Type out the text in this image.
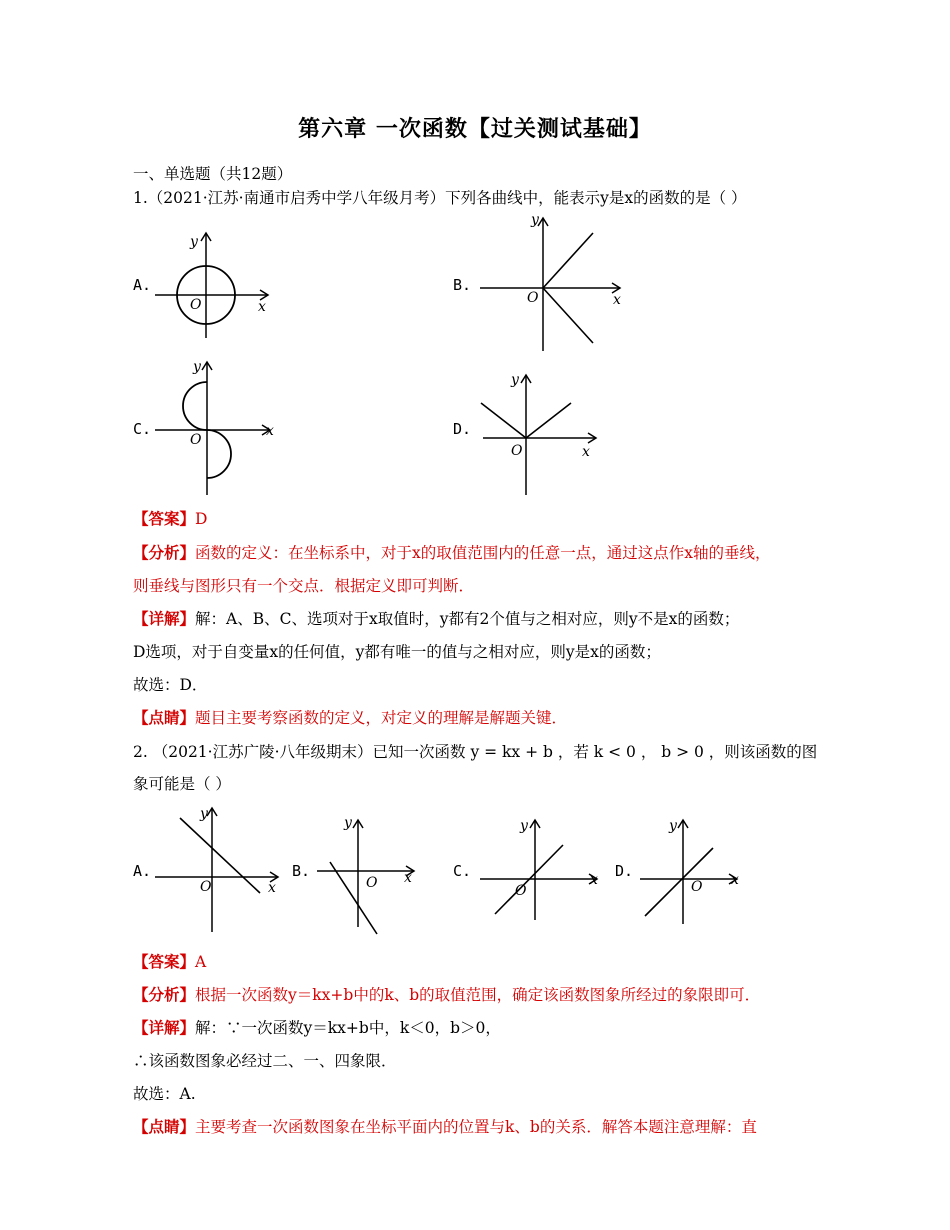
第六章 一次函数【过关测试基础】
一、单选题（共12题）
1.（2021·江苏·南通市启秀中学八年级月考）下列各曲线中，能表示y是x的函数的是（ ）
A.
y
x
O
B.
y
x
O
C.
y
x
O
D.
y
x
O
【答案】D
【分析】函数的定义：在坐标系中，对于x的取值范围内的任意一点，通过这点作x轴的垂线，
则垂线与图形只有一个交点．根据定义即可判断．
【详解】解：A、B、C、选项对于x取值时，y都有2个值与之相对应，则y不是x的函数；
D选项，对于自变量x的任何值，y都有唯一的值与之相对应，则y是x的函数；
故选：D．
【点睛】题目主要考察函数的定义，对定义的理解是解题关键．
2. （2021·江苏广陵·八年级期末）已知一次函数 y = kx + b ，若 k < 0 ， b > 0 ，则该函数的图
象可能是（ ）
A.
y
x
O
B.
y
x
O
C.
y
x
O
D.
y
x
O
【答案】A
【分析】根据一次函数y＝kx+b中的k、b的取值范围，确定该函数图象所经过的象限即可．
【详解】解：∵一次函数y＝kx+b中，k＜0，b＞0，
∴该函数图象必经过二、一、四象限．
故选：A.
【点睛】主要考查一次函数图象在坐标平面内的位置与k、b的关系．解答本题注意理解：直
